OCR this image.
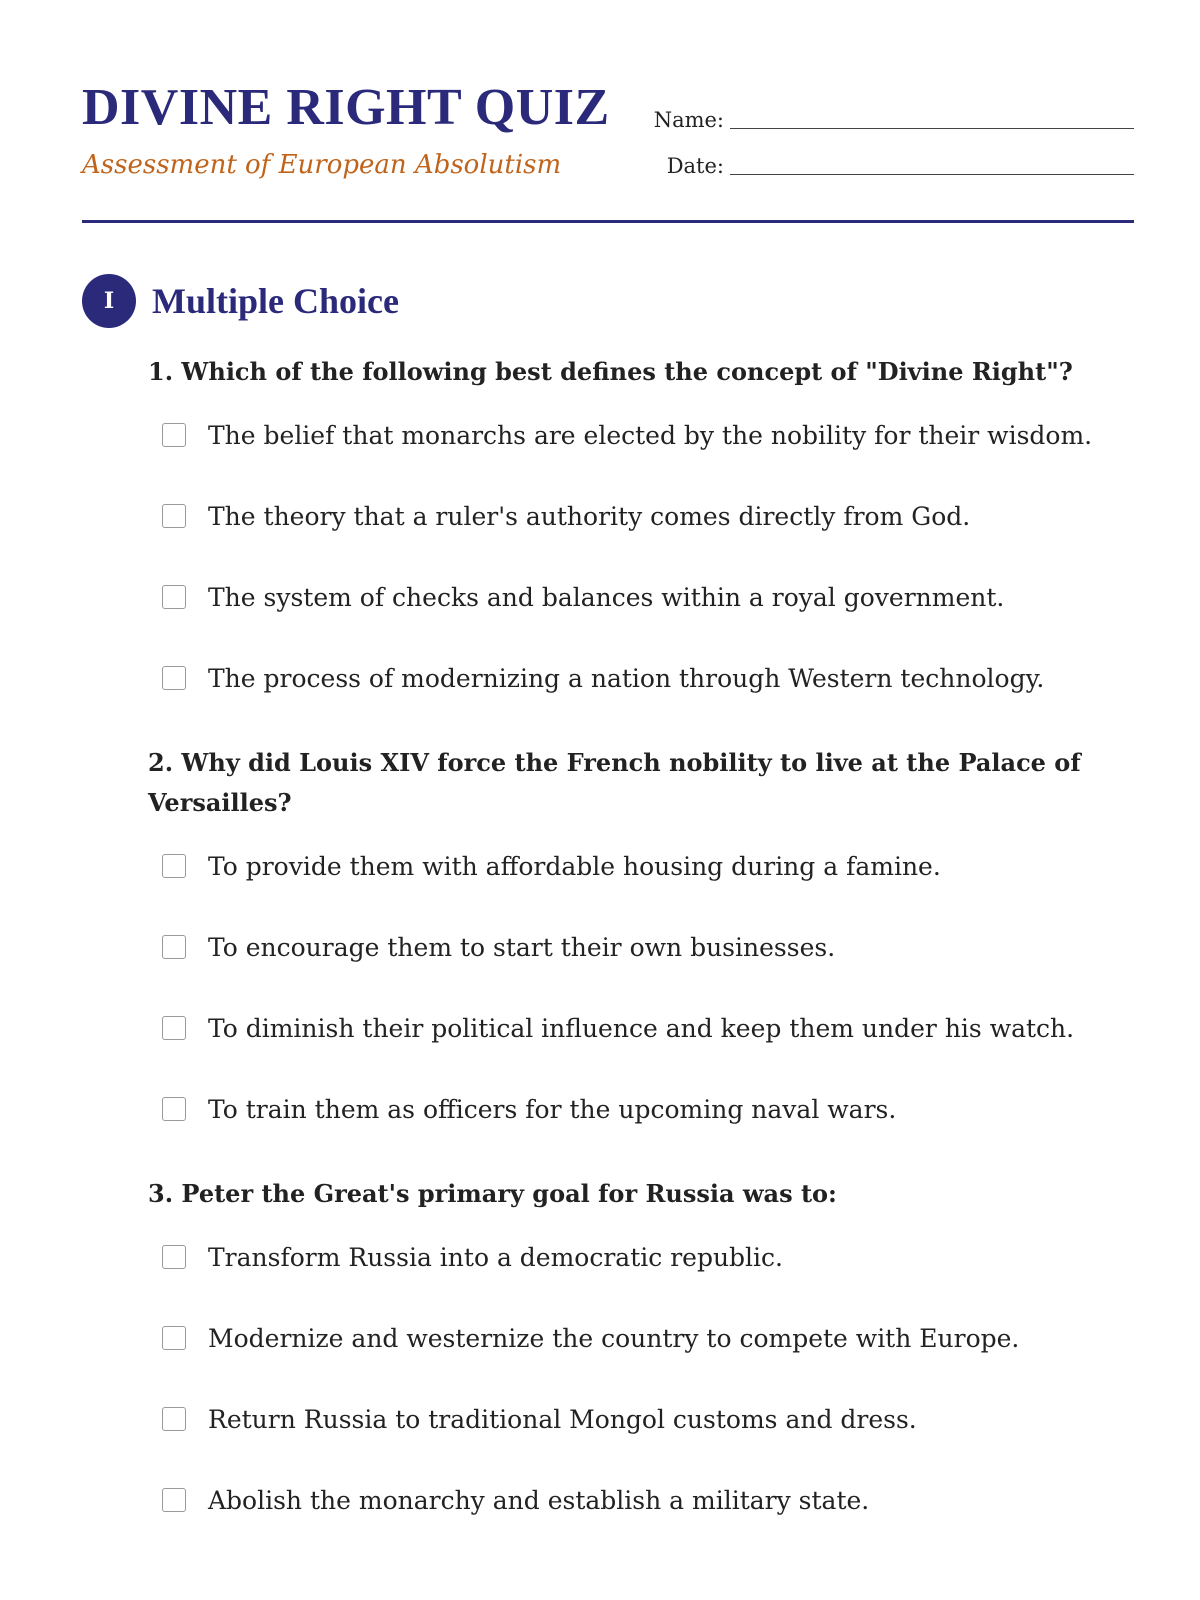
DIVINE RIGHT QUIZ

Assessment of European Absolutism

Name:
Date:
I	Multiple Choice

1. Which of the following best defines the concept of "Divine Right"?

The belief that monarchs are elected by the nobility for their wisdom.
The theory that a ruler's authority comes directly from God.
The system of checks and balances within a royal government.
The process of modernizing a nation through Western technology.

2. Why did Louis XIV force the French nobility to live at the Palace of Versailles?

To provide them with affordable housing during a famine.
To encourage them to start their own businesses.
To diminish their political influence and keep them under his watch.
To train them as officers for the upcoming naval wars.

3. Peter the Great's primary goal for Russia was to:

Transform Russia into a democratic republic.
Modernize and westernize the country to compete with Europe.
Return Russia to traditional Mongol customs and dress.
Abolish the monarchy and establish a military state.
